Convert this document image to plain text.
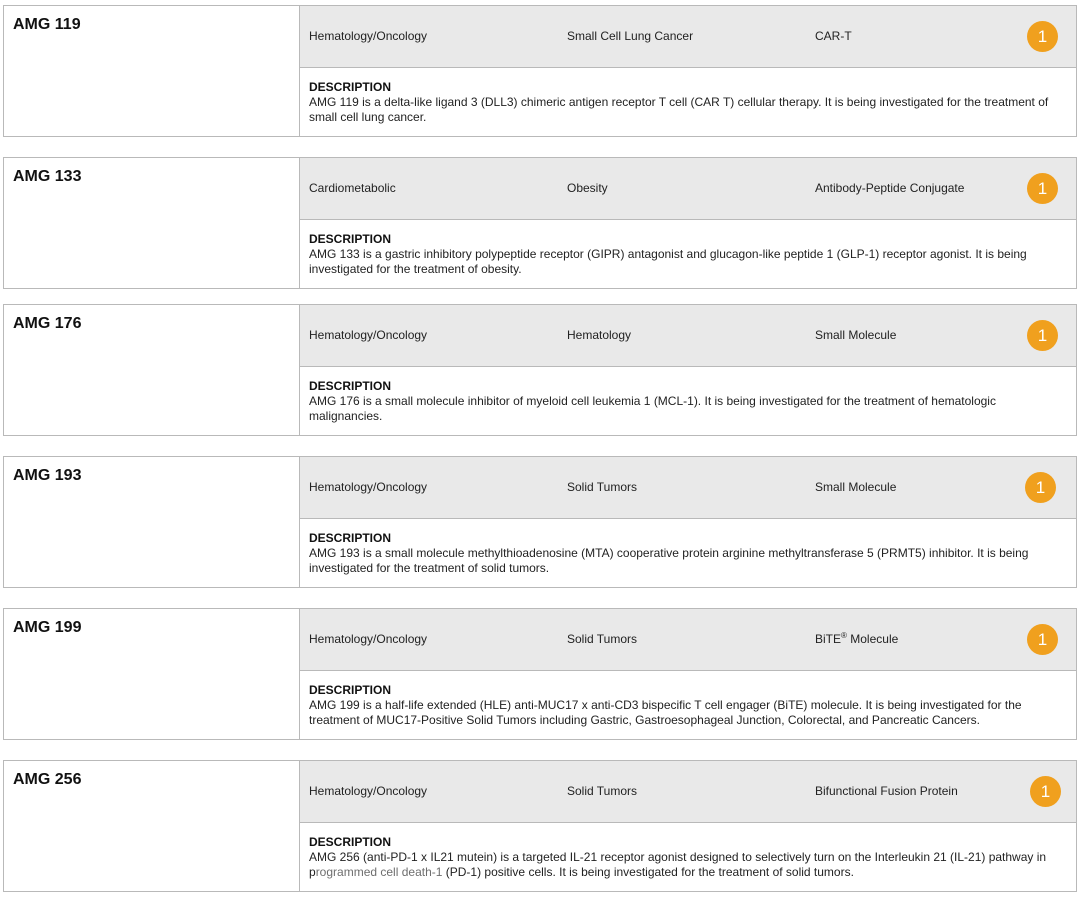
AMG 119
Hematology/Oncology	Small Cell Lung Cancer	CAR-T	1
DESCRIPTION
AMG 119 is a delta-like ligand 3 (DLL3) chimeric antigen receptor T cell (CAR T) cellular therapy. It is being investigated for the treatment of small cell lung cancer.
AMG 133
Cardiometabolic	Obesity	Antibody-Peptide Conjugate	1
DESCRIPTION
AMG 133 is a gastric inhibitory polypeptide receptor (GIPR) antagonist and glucagon-like peptide 1 (GLP-1) receptor agonist. It is being investigated for the treatment of obesity.
AMG 176
Hematology/Oncology	Hematology	Small Molecule	1
DESCRIPTION
AMG 176 is a small molecule inhibitor of myeloid cell leukemia 1 (MCL-1). It is being investigated for the treatment of hematologic malignancies.
AMG 193
Hematology/Oncology	Solid Tumors	Small Molecule	1
DESCRIPTION
AMG 193 is a small molecule methylthioadenosine (MTA) cooperative protein arginine methyltransferase 5 (PRMT5) inhibitor. It is being investigated for the treatment of solid tumors.
AMG 199
Hematology/Oncology	Solid Tumors	BiTE® Molecule	1
DESCRIPTION
AMG 199 is a half-life extended (HLE) anti-MUC17 x anti-CD3 bispecific T cell engager (BiTE) molecule. It is being investigated for the treatment of MUC17-Positive Solid Tumors including Gastric, Gastroesophageal Junction, Colorectal, and Pancreatic Cancers.
AMG 256
Hematology/Oncology	Solid Tumors	Bifunctional Fusion Protein	1
DESCRIPTION
AMG 256 (anti-PD-1 x IL21 mutein) is a targeted IL-21 receptor agonist designed to selectively turn on the Interleukin 21 (IL-21) pathway in programmed cell death-1 (PD-1) positive cells. It is being investigated for the treatment of solid tumors.
